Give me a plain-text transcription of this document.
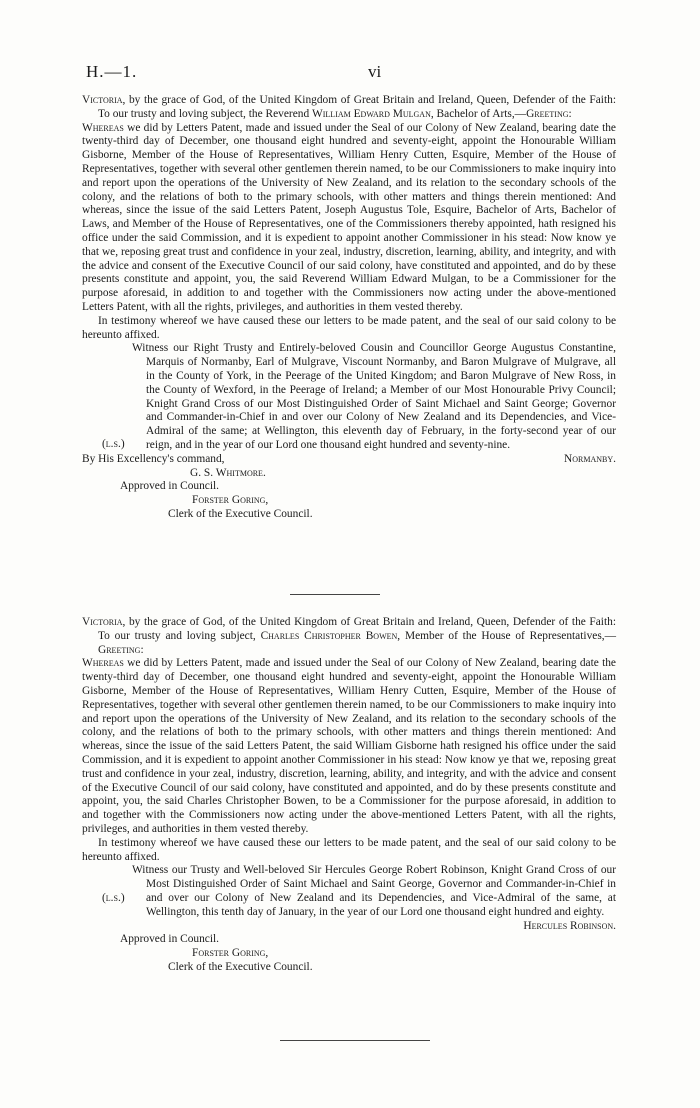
H.—1.	vi

Victoria, by the grace of God, of the United Kingdom of Great Britain and Ireland, Queen, Defender of the Faith: To our trusty and loving subject, the Reverend William Edward Mulgan, Bachelor of Arts,—Greeting:

Whereas we did by Letters Patent, made and issued under the Seal of our Colony of New Zealand, bearing date the twenty-third day of December, one thousand eight hundred and seventy-eight, appoint the Honourable William Gisborne, Member of the House of Representatives, William Henry Cutten, Esquire, Member of the House of Representatives, together with several other gentlemen therein named, to be our Commissioners to make inquiry into and report upon the operations of the University of New Zealand, and its relation to the secondary schools of the colony, and the relations of both to the primary schools, with other matters and things therein mentioned: And whereas, since the issue of the said Letters Patent, Joseph Augustus Tole, Esquire, Bachelor of Arts, Bachelor of Laws, and Member of the House of Representatives, one of the Commissioners thereby appointed, hath resigned his office under the said Commission, and it is expedient to appoint another Commissioner in his stead: Now know ye that we, reposing great trust and confidence in your zeal, industry, discretion, learning, ability, and integrity, and with the advice and consent of the Executive Council of our said colony, have constituted and appointed, and do by these presents constitute and appoint, you, the said Reverend William Edward Mulgan, to be a Commissioner for the purpose aforesaid, in addition to and together with the Commissioners now acting under the above-mentioned Letters Patent, with all the rights, privileges, and authorities in them vested thereby.

In testimony whereof we have caused these our letters to be made patent, and the seal of our said colony to be hereunto affixed.

(l.s.)

Witness our Right Trusty and Entirely-beloved Cousin and Councillor George Augustus Constantine, Marquis of Normanby, Earl of Mulgrave, Viscount Normanby, and Baron Mulgrave of Mulgrave, all in the County of York, in the Peerage of the United Kingdom; and Baron Mulgrave of New Ross, in the County of Wexford, in the Peerage of Ireland; a Member of our Most Honourable Privy Council; Knight Grand Cross of our Most Distinguished Order of Saint Michael and Saint George; Governor and Commander-in-Chief in and over our Colony of New Zealand and its Dependencies, and Vice-Admiral of the same; at Wellington, this eleventh day of February, in the forty-second year of our reign, and in the year of our Lord one thousand eight hundred and seventy-nine.

By His Excellency's command,	Normanby.

G. S. Whitmore.

Approved in Council.

Forster Goring,

Clerk of the Executive Council.

Victoria, by the grace of God, of the United Kingdom of Great Britain and Ireland, Queen, Defender of the Faith: To our trusty and loving subject, Charles Christopher Bowen, Member of the House of Representatives,—Greeting:

Whereas we did by Letters Patent, made and issued under the Seal of our Colony of New Zealand, bearing date the twenty-third day of December, one thousand eight hundred and seventy-eight, appoint the Honourable William Gisborne, Member of the House of Representatives, William Henry Cutten, Esquire, Member of the House of Representatives, together with several other gentlemen therein named, to be our Commissioners to make inquiry into and report upon the operations of the University of New Zealand, and its relation to the secondary schools of the colony, and the relations of both to the primary schools, with other matters and things therein mentioned: And whereas, since the issue of the said Letters Patent, the said William Gisborne hath resigned his office under the said Commission, and it is expedient to appoint another Commissioner in his stead: Now know ye that we, reposing great trust and confidence in your zeal, industry, discretion, learning, ability, and integrity, and with the advice and consent of the Executive Council of our said colony, have constituted and appointed, and do by these presents constitute and appoint, you, the said Charles Christopher Bowen, to be a Commissioner for the purpose aforesaid, in addition to and together with the Commissioners now acting under the above-mentioned Letters Patent, with all the rights, privileges, and authorities in them vested thereby.

In testimony whereof we have caused these our letters to be made patent, and the seal of our said colony to be hereunto affixed.

(l.s.)

Witness our Trusty and Well-beloved Sir Hercules George Robert Robinson, Knight Grand Cross of our Most Distinguished Order of Saint Michael and Saint George, Governor and Commander-in-Chief in and over our Colony of New Zealand and its Dependencies, and Vice-Admiral of the same, at Wellington, this tenth day of January, in the year of our Lord one thousand eight hundred and eighty.

Hercules Robinson.

Approved in Council.

Forster Goring,

Clerk of the Executive Council.
